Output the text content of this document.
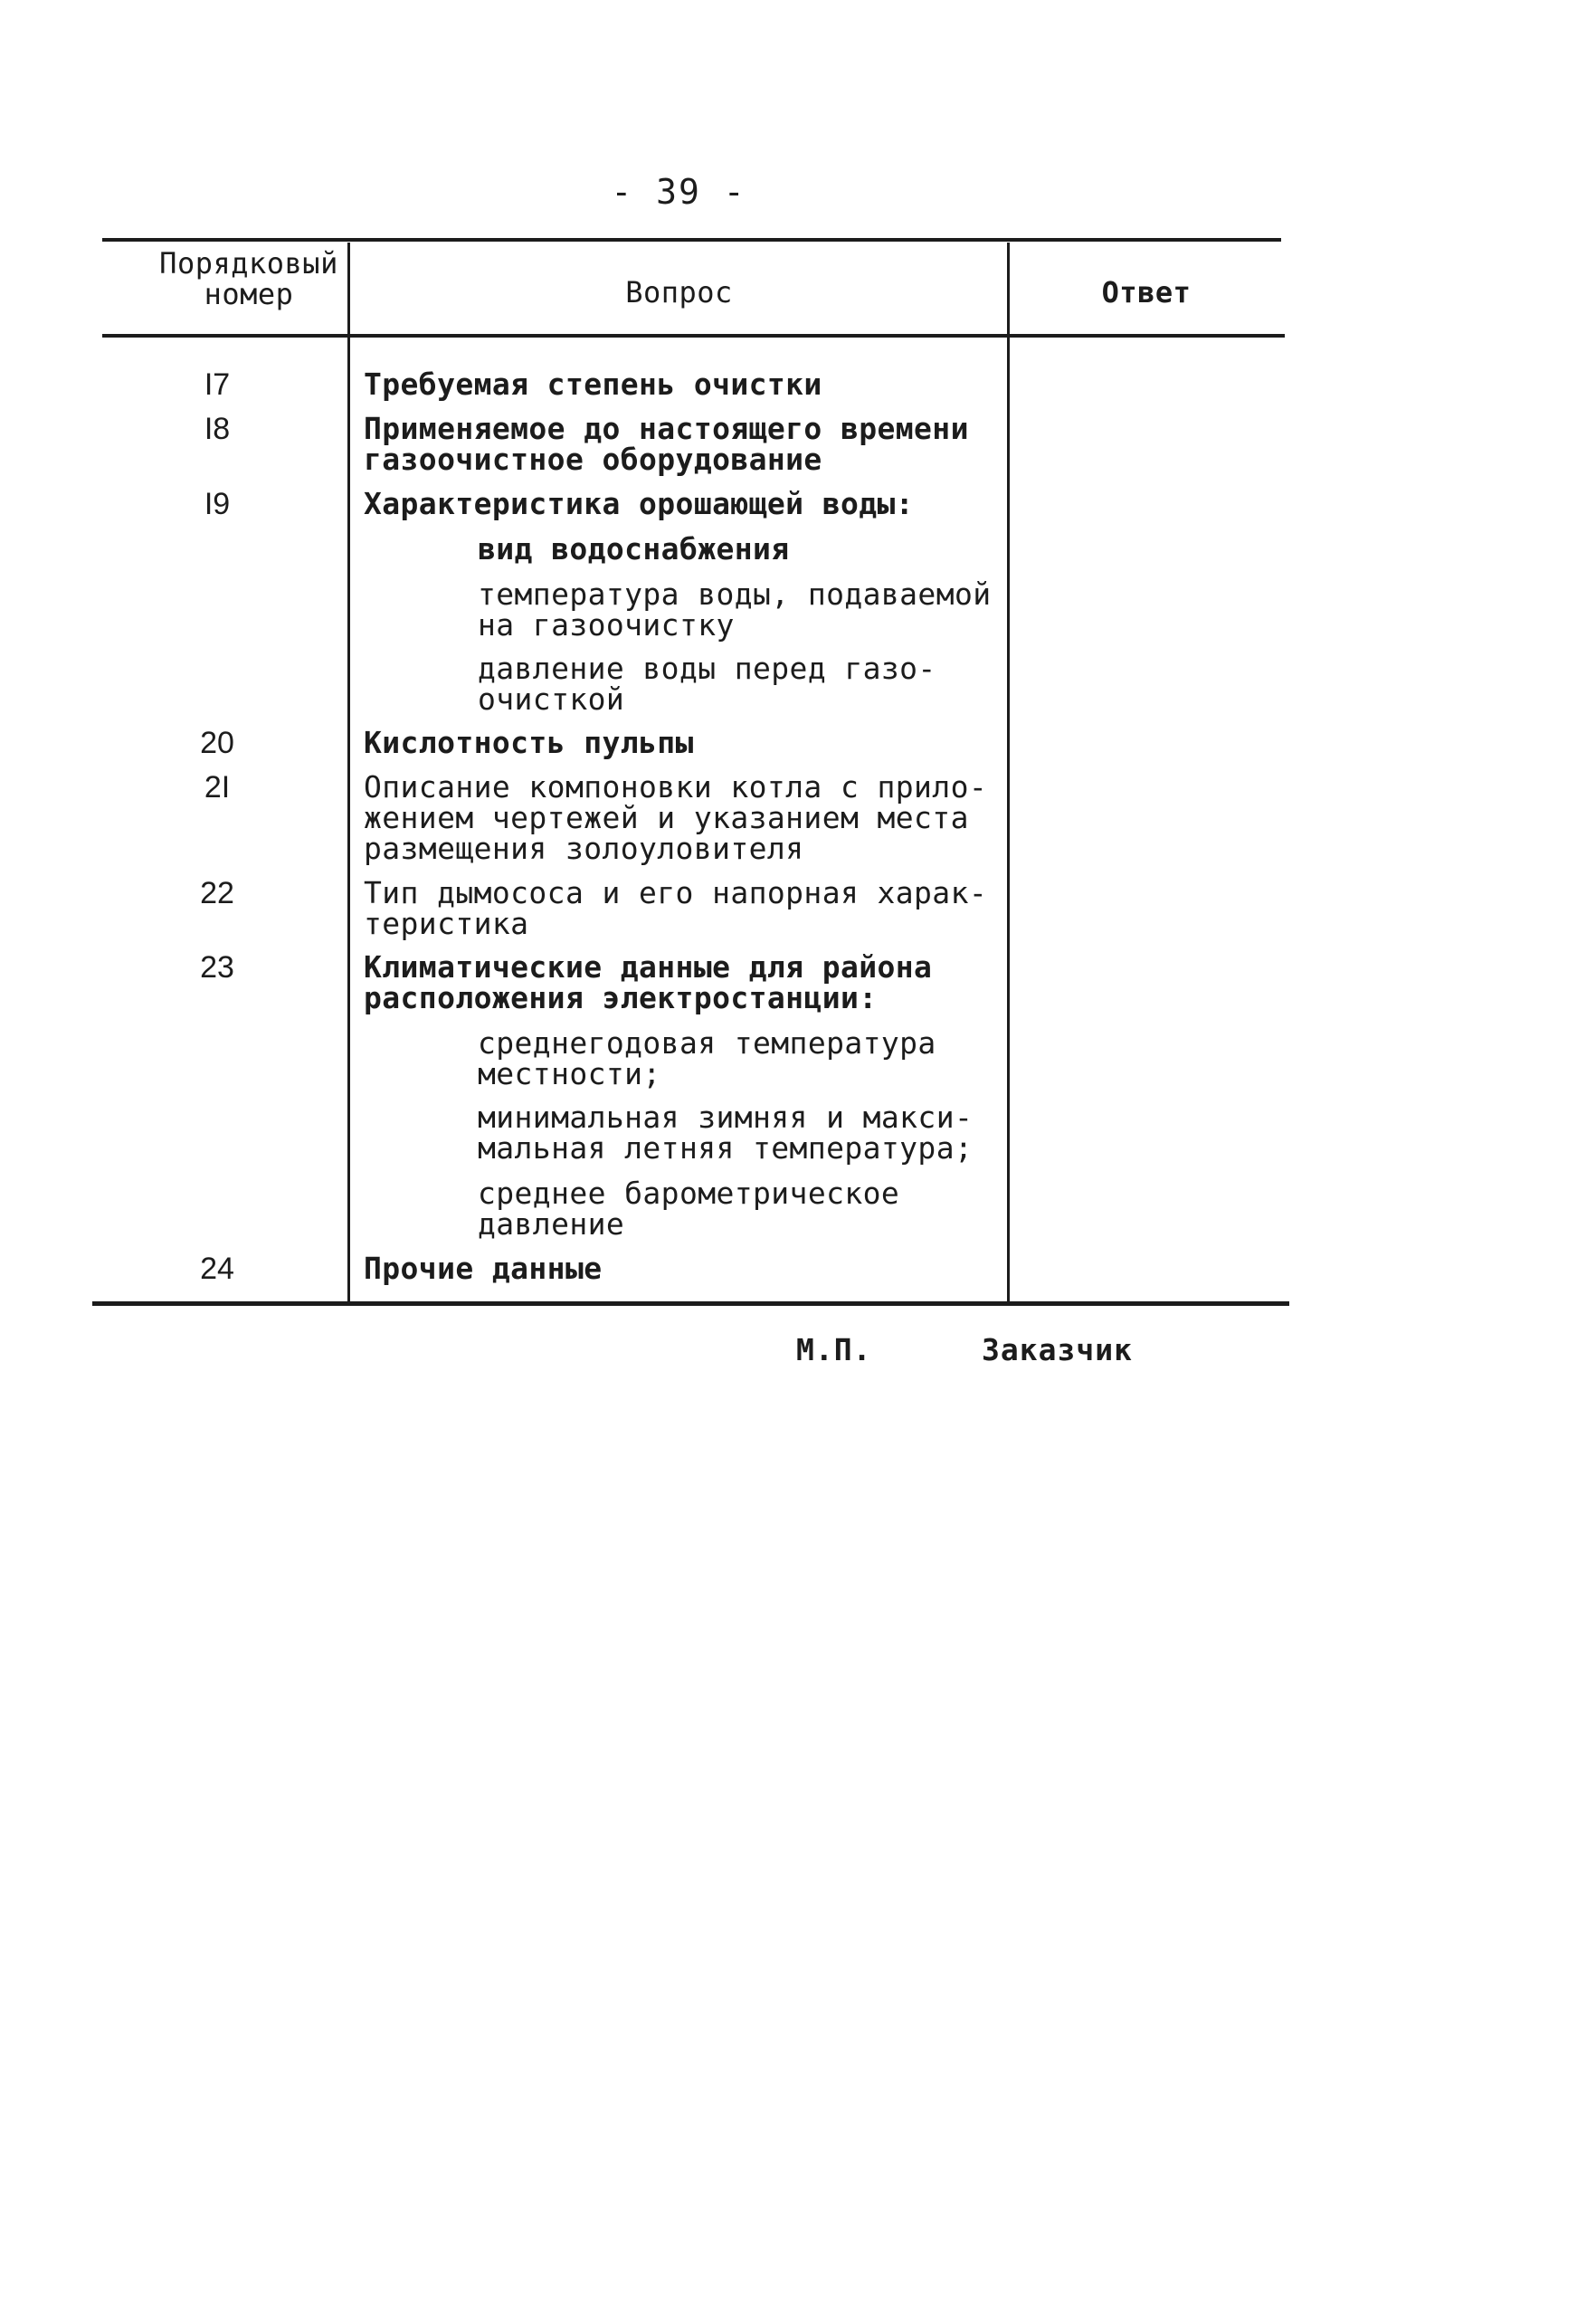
- 39 -
Порядковый
номер	Вопрос	Ответ
I7	Требуемая степень очистки
I8	Применяемое до настоящего времени
газоочистное оборудование
I9	Характеристика орошающей воды:
вид водоснабжения
температура воды, подаваемой
на газоочистку
давление воды перед газо-
очисткой
20	Кислотность пульпы
2I	Описание компоновки котла с прило-
жением чертежей и указанием места
размещения золоуловителя
22	Тип дымососа и его напорная харак-
теристика
23	Климатические данные для района
расположения электростанции:
среднегодовая температура
местности;
минимальная зимняя и макси-
мальная летняя температура;
среднее барометрическое
давление
24	Прочие данные
М.П.	Заказчик
